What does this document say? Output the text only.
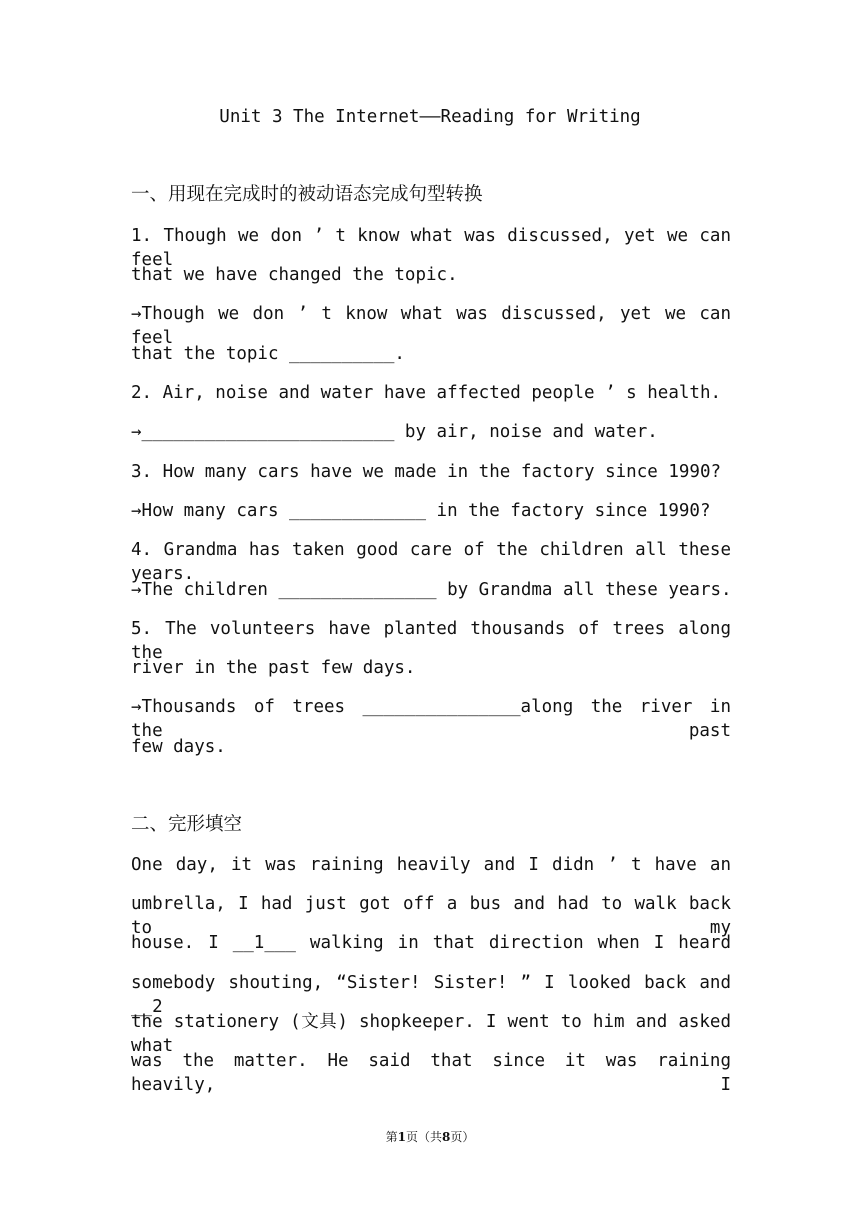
Unit 3 The Internet——Reading for Writing
一、用现在完成时的被动语态完成句型转换
1. Though we don ’ t know what was discussed, yet we can feel
that we have changed the topic.
→Though we don ’ t know what was discussed, yet we can feel
that the topic __________.
2. Air, noise and water have affected people ’ s health.
→________________________ by air, noise and water.
3. How many cars have we made in the factory since 1990?
→How many cars _____________ in the factory since 1990?
4. Grandma has taken good care of the children all these years.
→The children _______________ by Grandma all these years.
5. The volunteers have planted thousands of trees along the
river in the past few days.
→Thousands of trees _______________along the river in the past
few days.
二、完形填空
One day, it was raining heavily and I didn ’ t have an
umbrella, I had just got off a bus and had to walk back to my
house. I __1___ walking in that direction when I heard
somebody shouting, “Sister! Sister! ” I looked back and __2
the stationery (文具) shopkeeper. I went to him and asked what
was the matter. He said that since it was raining heavily, I
第1页（共8页）
